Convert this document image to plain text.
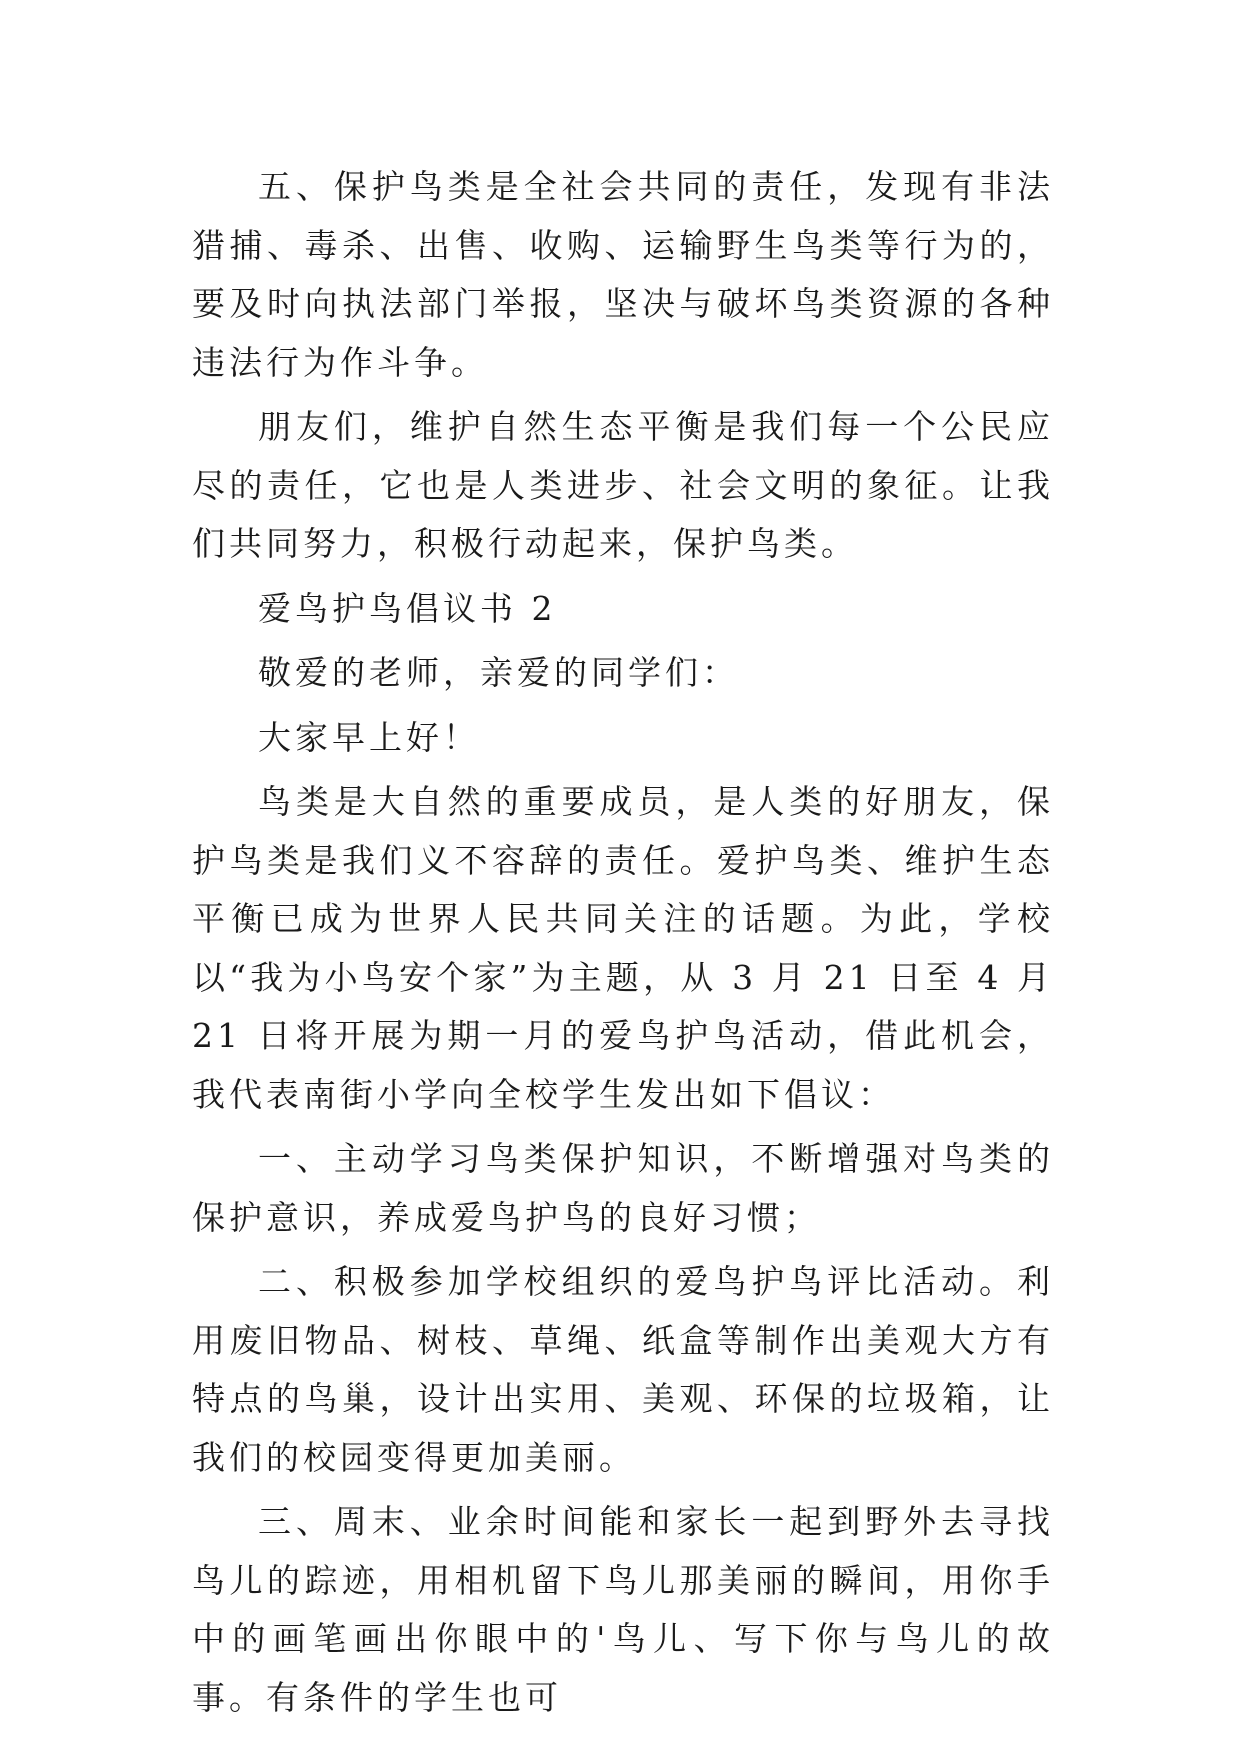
五、保护鸟类是全社会共同的责任，发现有非法猎捕、毒杀、出售、收购、运输野生鸟类等行为的，要及时向执法部门举报，坚决与破坏鸟类资源的各种违法行为作斗争。

朋友们，维护自然生态平衡是我们每一个公民应尽的责任，它也是人类进步、社会文明的象征。让我们共同努力，积极行动起来，保护鸟类。

爱鸟护鸟倡议书 2

敬爱的老师，亲爱的同学们：

大家早上好！

鸟类是大自然的重要成员，是人类的好朋友，保护鸟类是我们义不容辞的责任。爱护鸟类、维护生态平衡已成为世界人民共同关注的话题。为此，学校以“我为小鸟安个家”为主题，从 3 月 21 日至 4 月 21 日将开展为期一月的爱鸟护鸟活动，借此机会，我代表南街小学向全校学生发出如下倡议：

一、主动学习鸟类保护知识，不断增强对鸟类的保护意识，养成爱鸟护鸟的良好习惯；

二、积极参加学校组织的爱鸟护鸟评比活动。利用废旧物品、树枝、草绳、纸盒等制作出美观大方有特点的鸟巢，设计出实用、美观、环保的垃圾箱，让我们的校园变得更加美丽。

三、周末、业余时间能和家长一起到野外去寻找鸟儿的踪迹，用相机留下鸟儿那美丽的瞬间，用你手中的画笔画出你眼中的'鸟儿、写下你与鸟儿的故事。有条件的学生也可
